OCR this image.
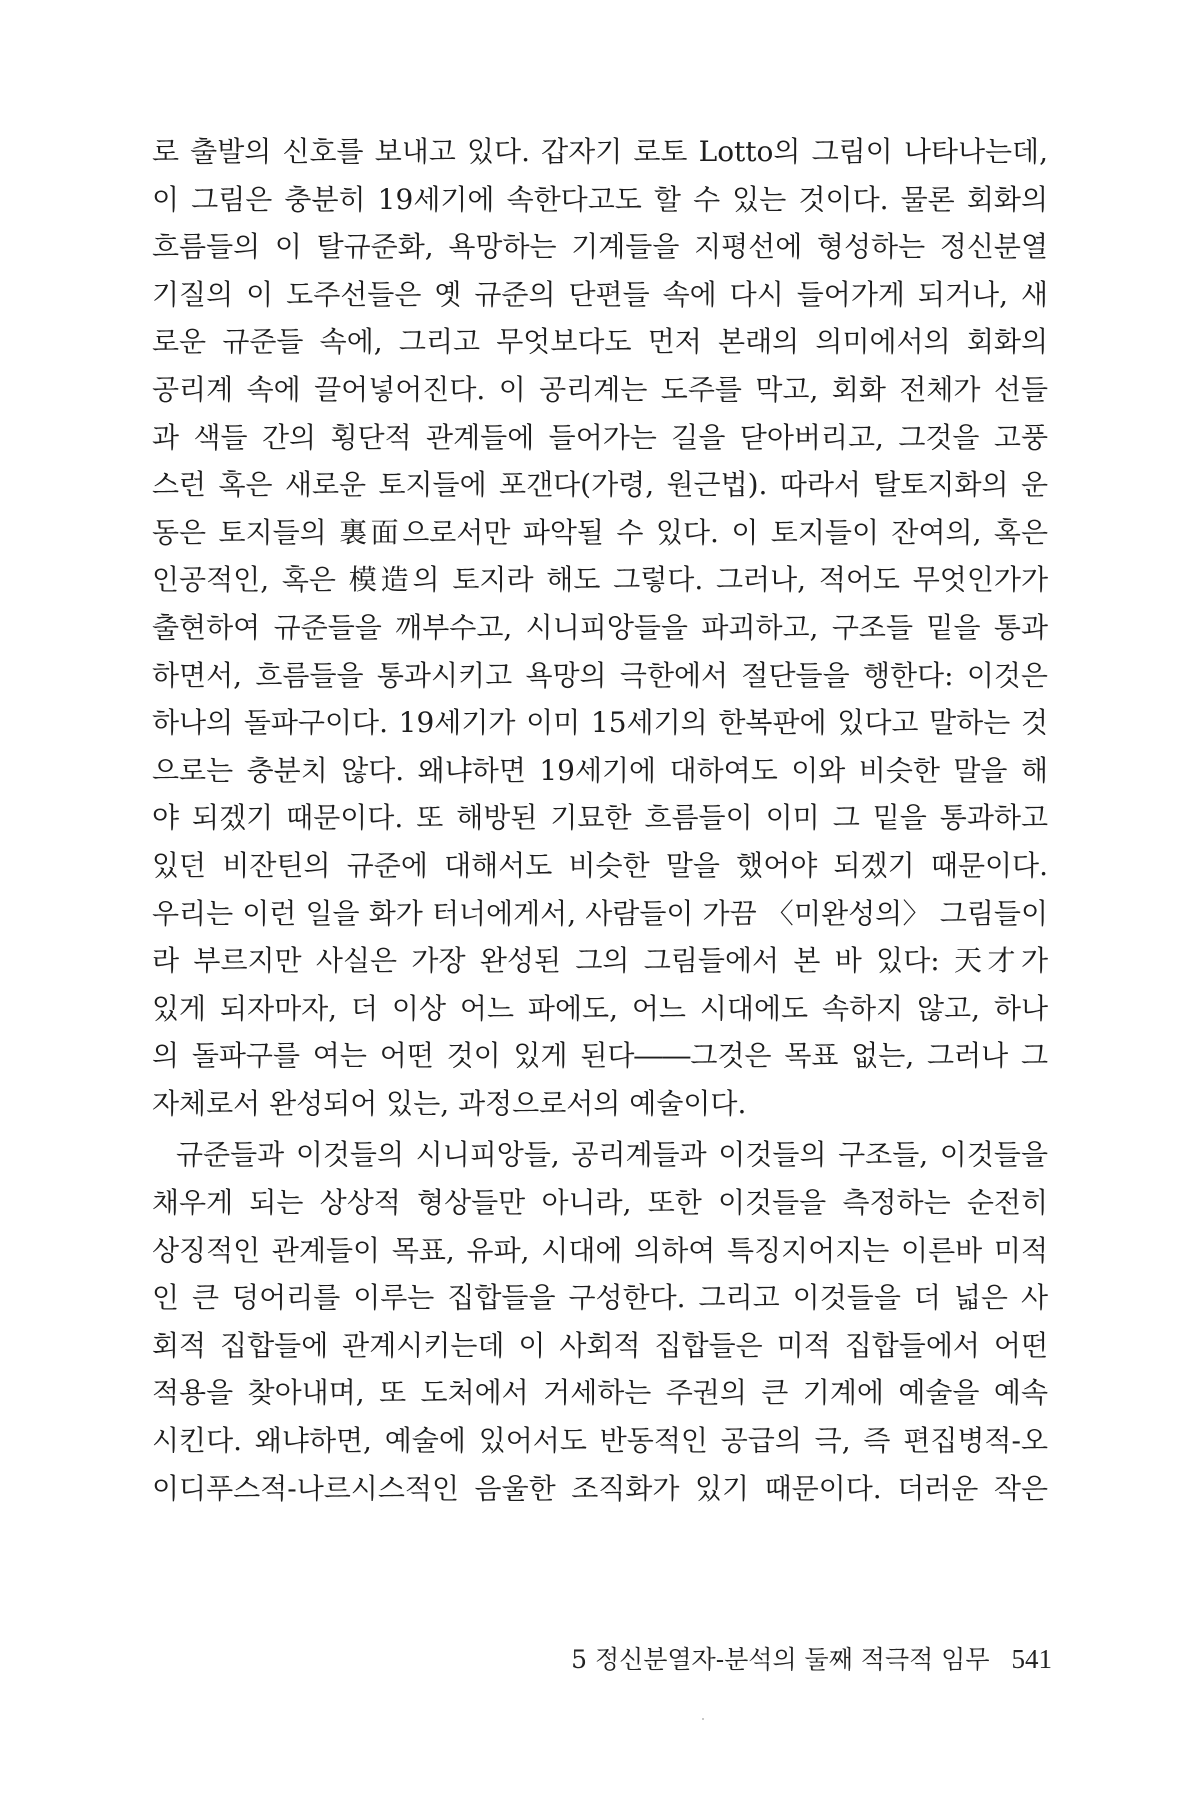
로 출발의 신호를 보내고 있다. 갑자기 로토 Lotto의 그림이 나타나는데,
이 그림은 충분히 19세기에 속한다고도 할 수 있는 것이다. 물론 회화의
흐름들의 이 탈규준화, 욕망하는 기계들을 지평선에 형성하는 정신분열
기질의 이 도주선들은 옛 규준의 단편들 속에 다시 들어가게 되거나, 새
로운 규준들 속에, 그리고 무엇보다도 먼저 본래의 의미에서의 회화의
공리계 속에 끌어넣어진다. 이 공리계는 도주를 막고, 회화 전체가 선들
과 색들 간의 횡단적 관계들에 들어가는 길을 닫아버리고, 그것을 고풍
스런 혹은 새로운 토지들에 포갠다(가령, 원근법). 따라서 탈토지화의 운
동은 토지들의 裏面으로서만 파악될 수 있다. 이 토지들이 잔여의, 혹은
인공적인, 혹은 模造의 토지라 해도 그렇다. 그러나, 적어도 무엇인가가
출현하여 규준들을 깨부수고, 시니피앙들을 파괴하고, 구조들 밑을 통과
하면서, 흐름들을 통과시키고 욕망의 극한에서 절단들을 행한다: 이것은
하나의 돌파구이다. 19세기가 이미 15세기의 한복판에 있다고 말하는 것
으로는 충분치 않다. 왜냐하면 19세기에 대하여도 이와 비슷한 말을 해
야 되겠기 때문이다. 또 해방된 기묘한 흐름들이 이미 그 밑을 통과하고
있던 비잔틴의 규준에 대해서도 비슷한 말을 했어야 되겠기 때문이다.
우리는 이런 일을 화가 터너에게서, 사람들이 가끔 〈미완성의〉 그림들이
라 부르지만 사실은 가장 완성된 그의 그림들에서 본 바 있다: 天才가
있게 되자마자, 더 이상 어느 파에도, 어느 시대에도 속하지 않고, 하나
의 돌파구를 여는 어떤 것이 있게 된다――그것은 목표 없는, 그러나 그
자체로서 완성되어 있는, 과정으로서의 예술이다.
규준들과 이것들의 시니피앙들, 공리계들과 이것들의 구조들, 이것들을
채우게 되는 상상적 형상들만 아니라, 또한 이것들을 측정하는 순전히
상징적인 관계들이 목표, 유파, 시대에 의하여 특징지어지는 이른바 미적
인 큰 덩어리를 이루는 집합들을 구성한다. 그리고 이것들을 더 넓은 사
회적 집합들에 관계시키는데 이 사회적 집합들은 미적 집합들에서 어떤
적용을 찾아내며, 또 도처에서 거세하는 주권의 큰 기계에 예술을 예속
시킨다. 왜냐하면, 예술에 있어서도 반동적인 공급의 극, 즉 편집병적-오
이디푸스적-나르시스적인 음울한 조직화가 있기 때문이다. 더러운 작은
5 정신분열자-분석의 둘째 적극적 임무 541
